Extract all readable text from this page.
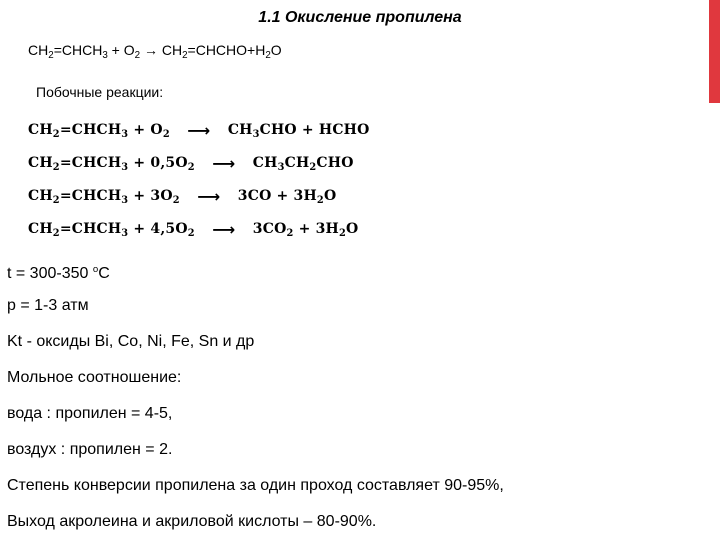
1.1 Окисление пропилена
$CH_2=CHCH_3 + O_2$ → $CH_2=CHCHO+H_2O$
Побочные реакции:
$CH_2=CHCH_3 + O_2$	⟶	$CH_3CHO$ + HCHO
$CH_2=CHCH_3 + 0,5O_2$	⟶	$CH_3CH_2CHO$
$CH_2=CHCH_3 + 3O_2$	⟶	$3CO + 3H_2O$
$CH_2=CHCH_3 + 4,5O_2$	⟶	$3CO_2 + 3H_2O$
t = 300-350 $^o$C
p = 1-3 атм
Kt - оксиды Bi, Co, Ni, Fe, Sn и др
Мольное соотношение:
вода : пропилен = 4-5,
воздух : пропилен = 2.
Степень конверсии пропилена за один проход составляет 90-95%,
Выход акролеина и акриловой кислоты – 80-90%.
